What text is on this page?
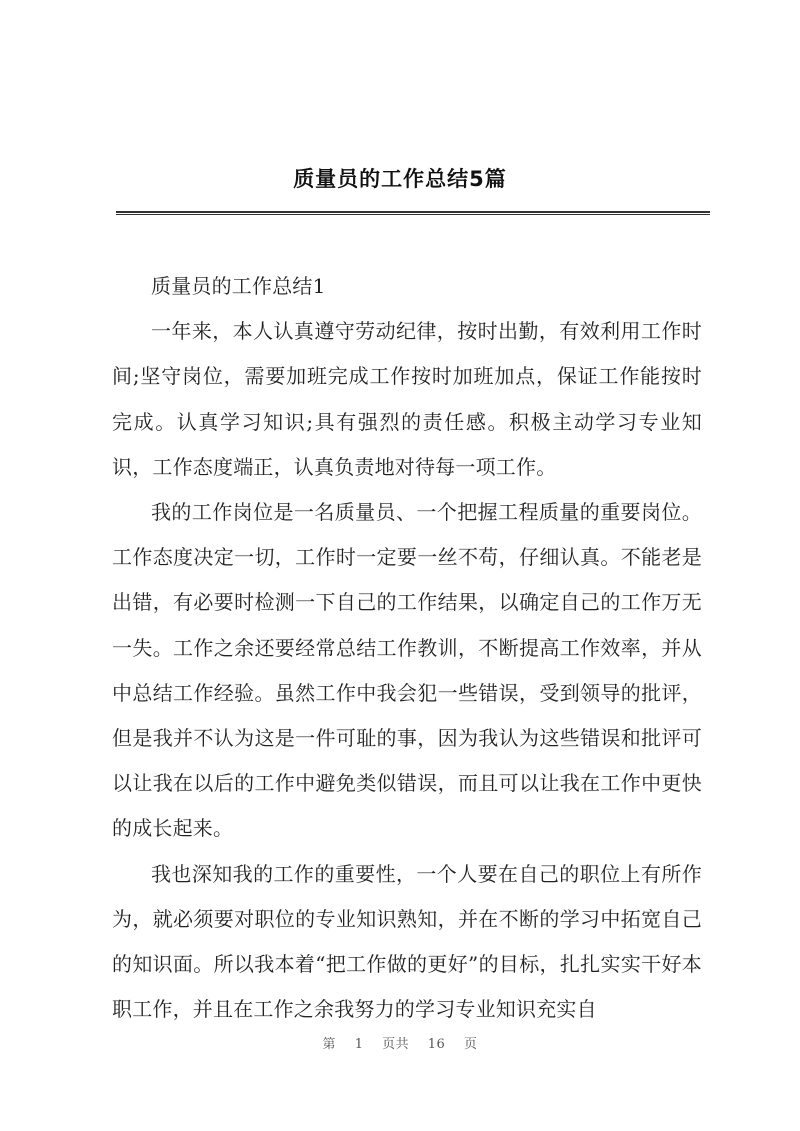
质量员的工作总结5篇

质量员的工作总结1

一年来，本人认真遵守劳动纪律，按时出勤，有效利用工作时间;坚守岗位，需要加班完成工作按时加班加点，保证工作能按时完成。认真学习知识;具有强烈的责任感。积极主动学习专业知识，工作态度端正，认真负责地对待每一项工作。

我的工作岗位是一名质量员、一个把握工程质量的重要岗位。工作态度决定一切，工作时一定要一丝不苟，仔细认真。不能老是出错，有必要时检测一下自己的工作结果，以确定自己的工作万无一失。工作之余还要经常总结工作教训，不断提高工作效率，并从中总结工作经验。虽然工作中我会犯一些错误，受到领导的批评，但是我并不认为这是一件可耻的事，因为我认为这些错误和批评可以让我在以后的工作中避免类似错误，而且可以让我在工作中更快的成长起来。

我也深知我的工作的重要性，一个人要在自己的职位上有所作为，就必须要对职位的专业知识熟知，并在不断的学习中拓宽自己的知识面。所以我本着“把工作做的更好”的目标，扎扎实实干好本职工作，并且在工作之余我努力的学习专业知识充实自

第 1 页共 16 页
